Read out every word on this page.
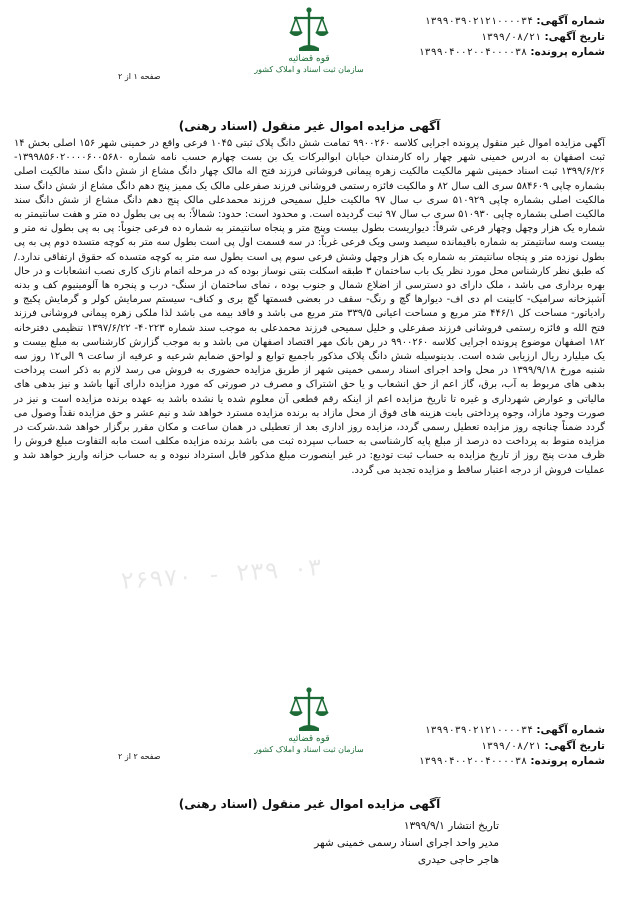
شماره آگهی: ۱۳۹۹۰۳۹۰۲۱۲۱۰۰۰۰۳۴
تاریخ آگهی: ۱۳۹۹/۰۸/۲۱
شماره پرونده: ۱۳۹۹۰۴۰۰۲۰۰۴۰۰۰۰۳۸
قوه قضائیه
سازمان ثبت اسناد و املاک کشور
صفحه ۱ از ۲
آگهی مزایده اموال غیر منقول (اسناد رهنی)

آگهی مزایده اموال غیر منقول پرونده اجرایی کلاسه ۹۹۰۰۲۶۰ تمامت شش دانگ پلاک ثبتی ۱۰۴۵ فرعی واقع در خمینی شهر ۱۵۶ اصلی بخش ۱۴ ثبت اصفهان به ادرس خمینی شهر چهار راه کارمندان خیابان ابوالبرکات یک بن بست چهارم حسب نامه شماره ۱۳۹۹۸۵۶۰۲۰۰۰۰۶۰۰۵۶۸۰- ۱۳۹۹/۶/۲۶ ثبت اسناد خمینی شهر مالکیت مالکیت زهره پیمانی فروشانی فرزند فتح اله مالک چهار دانگ مشاع از شش دانگ سند مالکیت اصلی بشماره چاپی ۵۸۴۶۰۹ سری الف سال ۸۲ و مالکیت فائزه رستمی فروشانی فرزند صفرعلی مالک یک ممیز پنج دهم دانگ مشاع از شش دانگ سند مالکیت اصلی بشماره چاپی ۵۱۰۹۲۹ سری ب سال ۹۷ مالکیت خلیل سمیحی فرزند محمدعلی مالک پنج دهم دانگ مشاع از شش دانگ سند مالکیت اصلی بشماره چاپی ۵۱۰۹۳۰ سری ب سال ۹۷ ثبت گردیده است. و محدود است: حدود: شمالاً: به پی بی بطول ده متر و هفت سانتیمتر به شماره یک هزار وچهل وچهار فرعی شرقاً: دیواریست بطول بیست وپنج متر و پنجاه سانتیمتر به شماره ده فرعی جنوباً: پی به پی بطول نه متر و بیست وسه سانتیمتر به شماره باقیمانده سیصد وسی ویک فرعی غرباً: در سه قسمت اول پی است بطول سه متر به کوچه متسده دوم پی به پی بطول نوزده متر و پنجاه سانتیمتر به شماره یک هزار وچهل وشش فرعی سوم پی است بطول سه متر به کوچه متسده که حقوق ارتفاقی ندارد./ که طبق نظر کارشناس محل مورد نظر یک باب ساختمان ۳ طبقه اسکلت بتنی نوساز بوده که در مرحله اتمام نازک کاری نصب انشعابات و در حال بهره برداری می باشد ، ملک دارای دو دسترسی از اضلاع شمال و جنوب بوده ، نمای ساختمان از سنگ- درب و پنجره ها آلومینیوم کف و بدنه آشپزخانه سرامیک- کابینت ام دی اف- دیوارها گچ و رنگ- سقف در بعضی قسمتها گچ بری و کناف- سیستم سرمایش کولر و گرمایش پکیج و رادیاتور- مساحت کل ۴۴۶/۱ متر مربع و مساحت اعیانی ۳۳۹/۵ متر مربع می باشد و فاقد بیمه می باشد لذا ملکی زهره پیمانی فروشانی فرزند فتح الله و فائزه رستمی فروشانی فرزند صفرعلی و خلیل سمیحی فرزند محمدعلی به موجب سند شماره ۴۰۲۲۳- ۱۳۹۷/۶/۲۲ تنظیمی دفترخانه ۱۸۲ اصفهان موضوع پرونده اجرایی کلاسه ۹۹۰۰۲۶۰ در رهن بانک مهر اقتصاد اصفهان می باشد و به موجب گزارش کارشناسی به مبلغ بیست و یک میلیارد ریال ارزیابی شده است. بدینوسیله شش دانگ پلاک مذکور باجمیع توابع و لواحق ضمایم شرعیه و عرفیه از ساعت ۹ الی۱۲ روز سه شنبه مورخ ۱۳۹۹/۹/۱۸ در محل واحد اجرای اسناد رسمی خمینی شهر از طریق مزایده حضوری به فروش می رسد لازم به ذکر است پرداخت بدهی های مربوط به آب، برق، گاز اعم از حق انشعاب و یا حق اشتراک و مصرف در صورتی که مورد مزایده دارای آنها باشد و نیز بدهی های مالیاتی و عوارض شهرداری و غیره تا تاریخ مزایده اعم از اینکه رقم قطعی آن معلوم شده یا نشده باشد به عهده برنده مزایده است و نیز در صورت وجود مازاد، وجوه پرداختی بابت هزینه های فوق از محل مازاد به برنده مزایده مسترد خواهد شد و نیم عشر و حق مزایده نقداً وصول می گردد ضمناً چنانچه روز مزایده تعطیل رسمی گردد، مزایده روز اداری بعد از تعطیلی در همان ساعت و مکان مقرر برگزار خواهد شد.شرکت در مزایده منوط به پرداخت ده درصد از مبلغ پایه کارشناسی به حساب سپرده ثبت می باشد برنده مزایده مکلف است مابه التفاوت مبلغ فروش را ظرف مدت پنج روز از تاریخ مزایده به حساب ثبت تودیع: در غیر اینصورت مبلغ مذکور قابل استرداد نبوده و به حساب خزانه واریز خواهد شد و عملیات فروش از درجه اعتبار ساقط و مزایده تجدید می گردد.

۲۶۹۷۰ - ۲۳۹ ۰۳
شماره آگهی: ۱۳۹۹۰۳۹۰۲۱۲۱۰۰۰۰۳۴
تاریخ آگهی: ۱۳۹۹/۰۸/۲۱
شماره پرونده: ۱۳۹۹۰۴۰۰۲۰۰۴۰۰۰۰۳۸
قوه قضائیه
سازمان ثبت اسناد و املاک کشور
صفحه ۲ از ۲
آگهی مزایده اموال غیر منقول (اسناد رهنی)
تاریخ انتشار ۱۳۹۹/۹/۱
مدیر واحد اجرای اسناد رسمی خمینی شهر
هاجر حاجی حیدری
